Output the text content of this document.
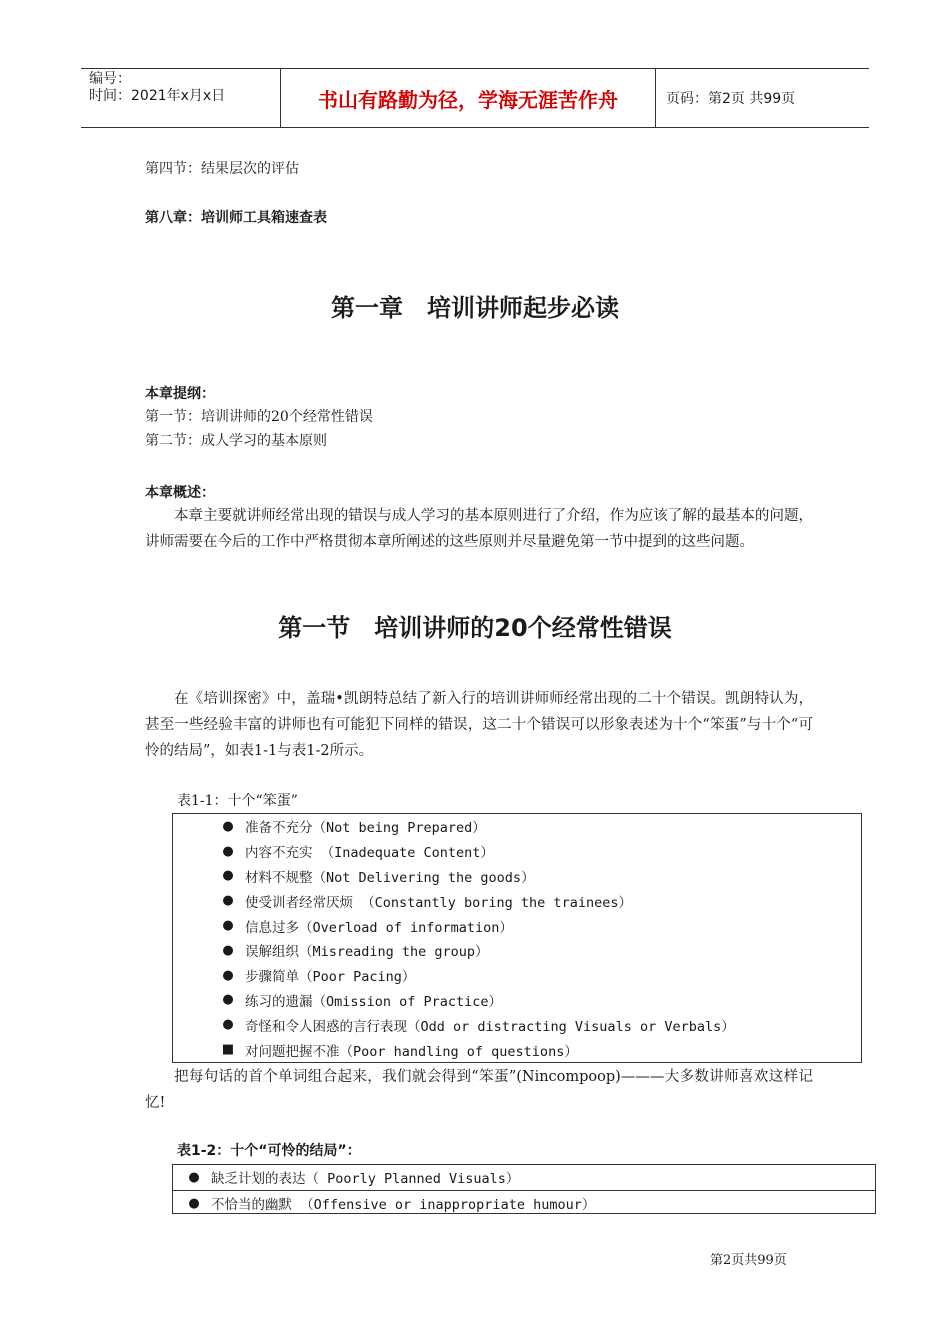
编号：
时间：2021年x月x日	书山有路勤为径，学海无涯苦作舟	页码：第2页 共99页
第四节：结果层次的评估
第八章：培训师工具箱速查表
第一章　培训讲师起步必读
本章提纲：
第一节：培训讲师的20个经常性错误
第二节：成人学习的基本原则
本章概述：

本章主要就讲师经常出现的错误与成人学习的基本原则进行了介绍，作为应该了解的最基本的问题，讲师需要在今后的工作中严格贯彻本章所阐述的这些原则并尽量避免第一节中提到的这些问题。

第一节　培训讲师的20个经常性错误

在《培训探密》中，盖瑞•凯朗特总结了新入行的培训讲师师经常出现的二十个错误。凯朗特认为，甚至一些经验丰富的讲师也有可能犯下同样的错误，这二十个错误可以形象表述为十个“笨蛋”与十个“可怜的结局”，如表1-1与表1-2所示。

表1-1：十个“笨蛋”
● 准备不充分（Not being Prepared）
● 内容不充实 （Inadequate Content）
● 材料不规整（Not Delivering the goods）
● 使受训者经常厌烦 （Constantly boring the trainees）
● 信息过多（Overload of information）
● 误解组织（Misreading the group）
● 步骤简单（Poor Pacing）
● 练习的遗漏（Omission of Practice）
● 奇怪和令人困惑的言行表现（Odd or distracting Visuals or Verbals）
■ 对问题把握不准（Poor handling of questions）

把每句话的首个单词组合起来，我们就会得到“笨蛋”(Nincompoop)———大多数讲师喜欢这样记忆!

表1-2：十个“可怜的结局”：
● 缺乏计划的表达（ Poorly Planned Visuals）
● 不恰当的幽默 （Offensive or inappropriate humour）
第2页共99页
